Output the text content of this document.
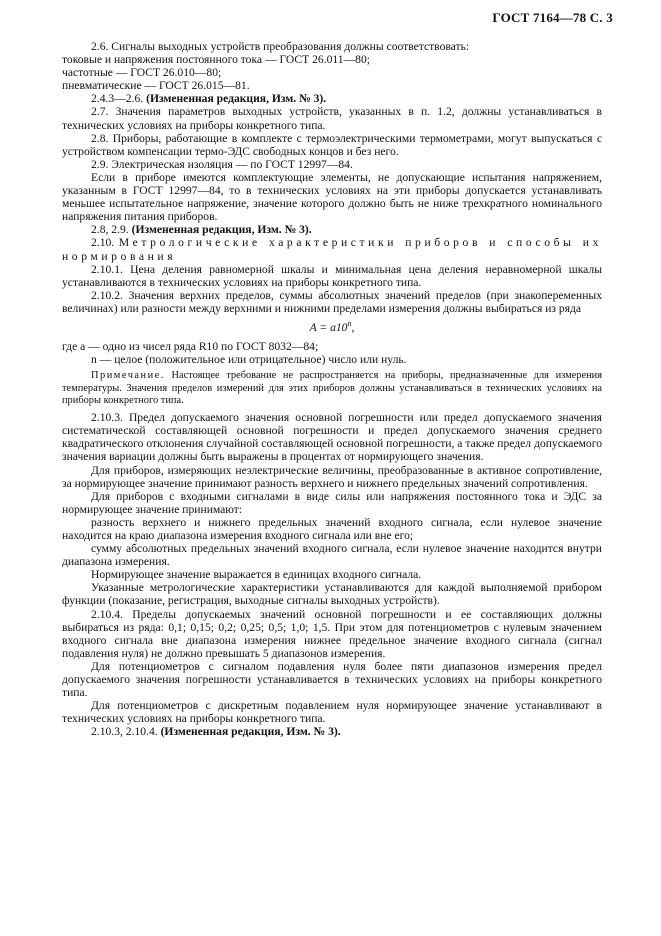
ГОСТ 7164—78 С. 3

2.6. Сигналы выходных устройств преобразования должны соответствовать:

токовые и напряжения постоянного тока — ГОСТ 26.011—80;

частотные — ГОСТ 26.010—80;

пневматические — ГОСТ 26.015—81.

2.4.3—2.6. (Измененная редакция, Изм. № 3).

2.7. Значения параметров выходных устройств, указанных в п. 1.2, должны устанавливаться в технических условиях на приборы конкретного типа.

2.8. Приборы, работающие в комплекте с термоэлектрическими термометрами, могут выпускаться с устройством компенсации термо-ЭДС свободных концов и без него.

2.9. Электрическая изоляция — по ГОСТ 12997—84.

Если в приборе имеются комплектующие элементы, не допускающие испытания напряжением, указанным в ГОСТ 12997—84, то в технических условиях на эти приборы допускается устанавливать меньшее испытательное напряжение, значение которого должно быть не ниже трехкратного номинального напряжения питания приборов.

2.8, 2.9. (Измененная редакция, Изм. № 3).

2.10. Метрологические характеристики приборов и способы их нормирования

2.10.1. Цена деления равномерной шкалы и минимальная цена деления неравномерной шкалы устанавливаются в технических условиях на приборы конкретного типа.

2.10.2. Значения верхних пределов, суммы абсолютных значений пределов (при знакопеременных величинах) или разности между верхними и нижними пределами измерения должны выбираться из ряда

$A = a10^n$,

где a — одно из чисел ряда R10 по ГОСТ 8032—84;

n — целое (положительное или отрицательное) число или нуль.

Примечание. Настоящее требование не распространяется на приборы, предназначенные для измерения температуры. Значения пределов измерений для этих приборов должны устанавливаться в технических условиях на приборы конкретного типа.

2.10.3. Предел допускаемого значения основной погрешности или предел допускаемого значения систематической составляющей основной погрешности и предел допускаемого значения среднего квадратического отклонения случайной составляющей основной погрешности, а также предел допускаемого значения вариации должны быть выражены в процентах от нормирующего значения.

Для приборов, измеряющих неэлектрические величины, преобразованные в активное сопротивление, за нормирующее значение принимают разность верхнего и нижнего предельных значений сопротивления.

Для приборов с входными сигналами в виде силы или напряжения постоянного тока и ЭДС за нормирующее значение принимают:

разность верхнего и нижнего предельных значений входного сигнала, если нулевое значение находится на краю диапазона измерения входного сигнала или вне его;

сумму абсолютных предельных значений входного сигнала, если нулевое значение находится внутри диапазона измерения.

Нормирующее значение выражается в единицах входного сигнала.

Указанные метрологические характеристики устанавливаются для каждой выполняемой прибором функции (показание, регистрация, выходные сигналы выходных устройств).

2.10.4. Пределы допускаемых значений основной погрешности и ее составляющих должны выбираться из ряда: 0,1; 0,15; 0,2; 0,25; 0,5; 1,0; 1,5. При этом для потенциометров с нулевым значением входного сигнала вне диапазона измерения нижнее предельное значение входного сигнала (сигнал подавления нуля) не должно превышать 5 диапазонов измерения.

Для потенциометров с сигналом подавления нуля более пяти диапазонов измерения предел допускаемого значения погрешности устанавливается в технических условиях на приборы конкретного типа.

Для потенциометров с дискретным подавлением нуля нормирующее значение устанавливают в технических условиях на приборы конкретного типа.

2.10.3, 2.10.4. (Измененная редакция, Изм. № 3).
